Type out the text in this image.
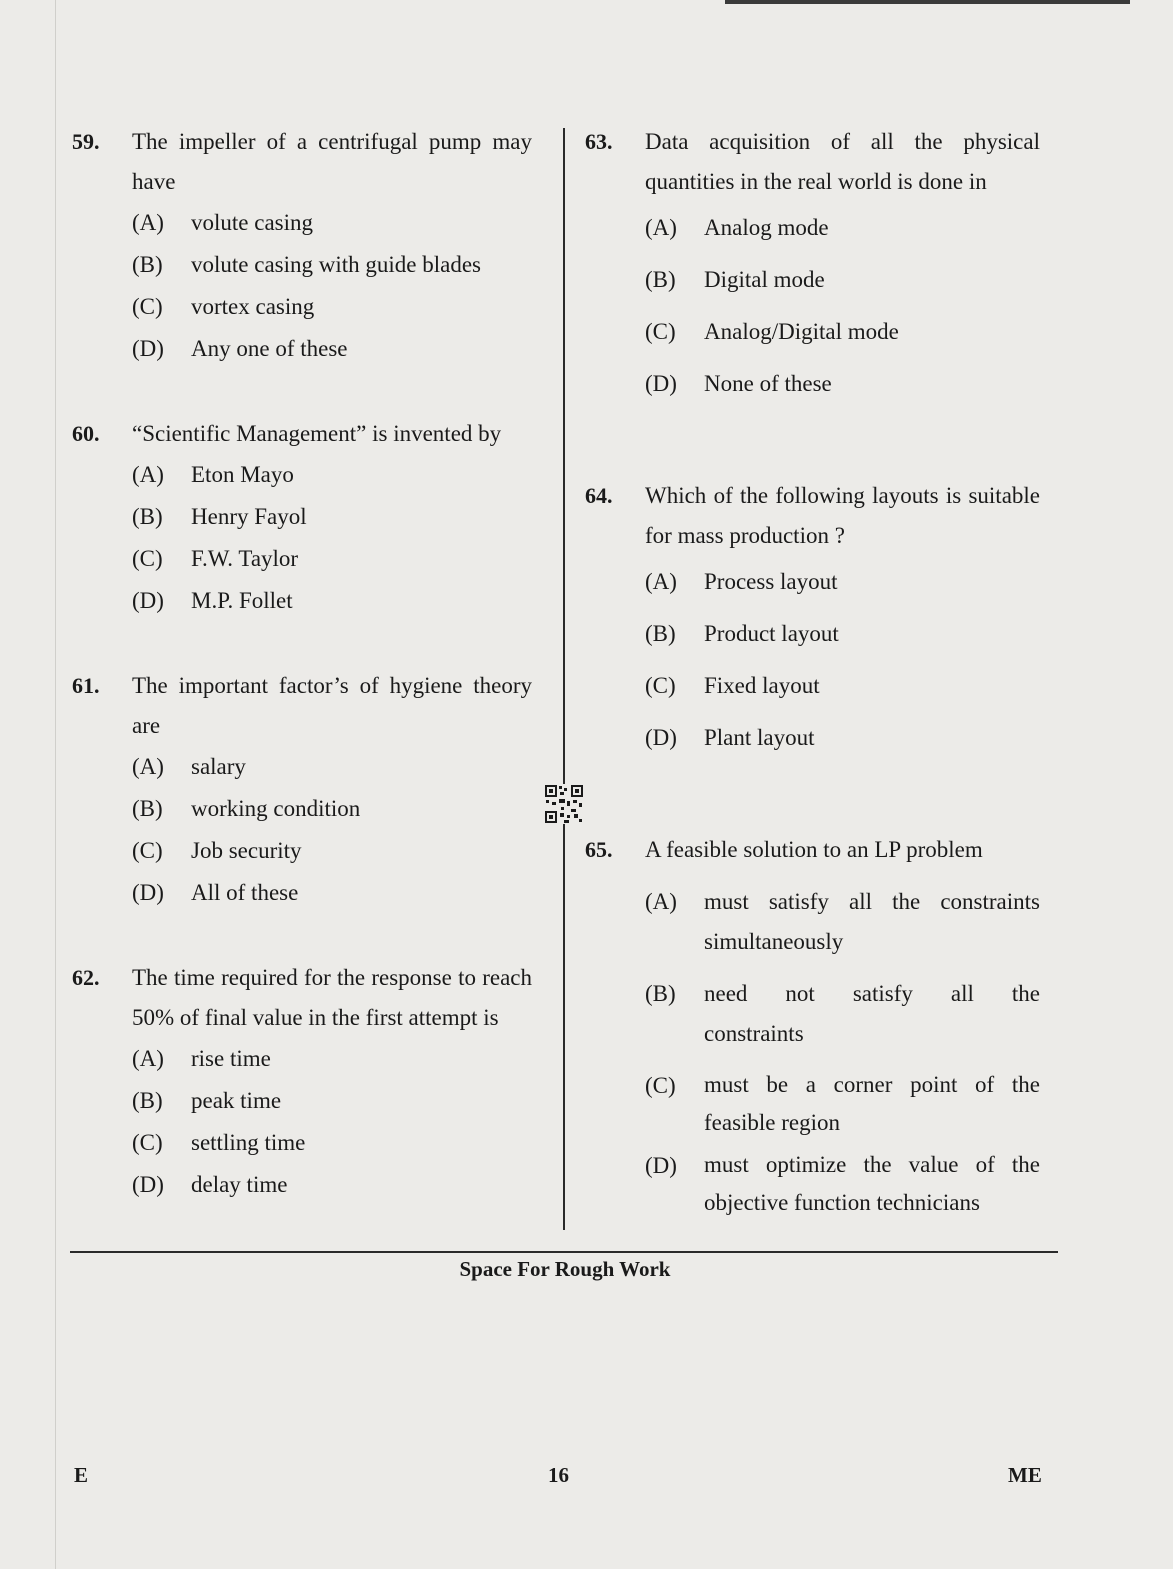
59. The impeller of a centrifugal pump may have
(A) volute casing
(B) volute casing with guide blades
(C) vortex casing
(D) Any one of these
60. “Scientific Management” is invented by
(A) Eton Mayo
(B) Henry Fayol
(C) F.W. Taylor
(D) M.P. Follet
61. The important factor’s of hygiene theory are
(A) salary
(B) working condition
(C) Job security
(D) All of these
62. The time required for the response to reach 50% of final value in the first attempt is
(A) rise time
(B) peak time
(C) settling time
(D) delay time
63. Data acquisition of all the physical quantities in the real world is done in
(A) Analog mode
(B) Digital mode
(C) Analog/Digital mode
(D) None of these
64. Which of the following layouts is suitable for mass production ?
(A) Process layout
(B) Product layout
(C) Fixed layout
(D) Plant layout
65. A feasible solution to an LP problem
(A) must satisfy all the constraints simultaneously
(B) need not satisfy all the constraints
(C) must be a corner point of the feasible region
(D) must optimize the value of the objective function technicians
Space For Rough Work
E	16	ME
